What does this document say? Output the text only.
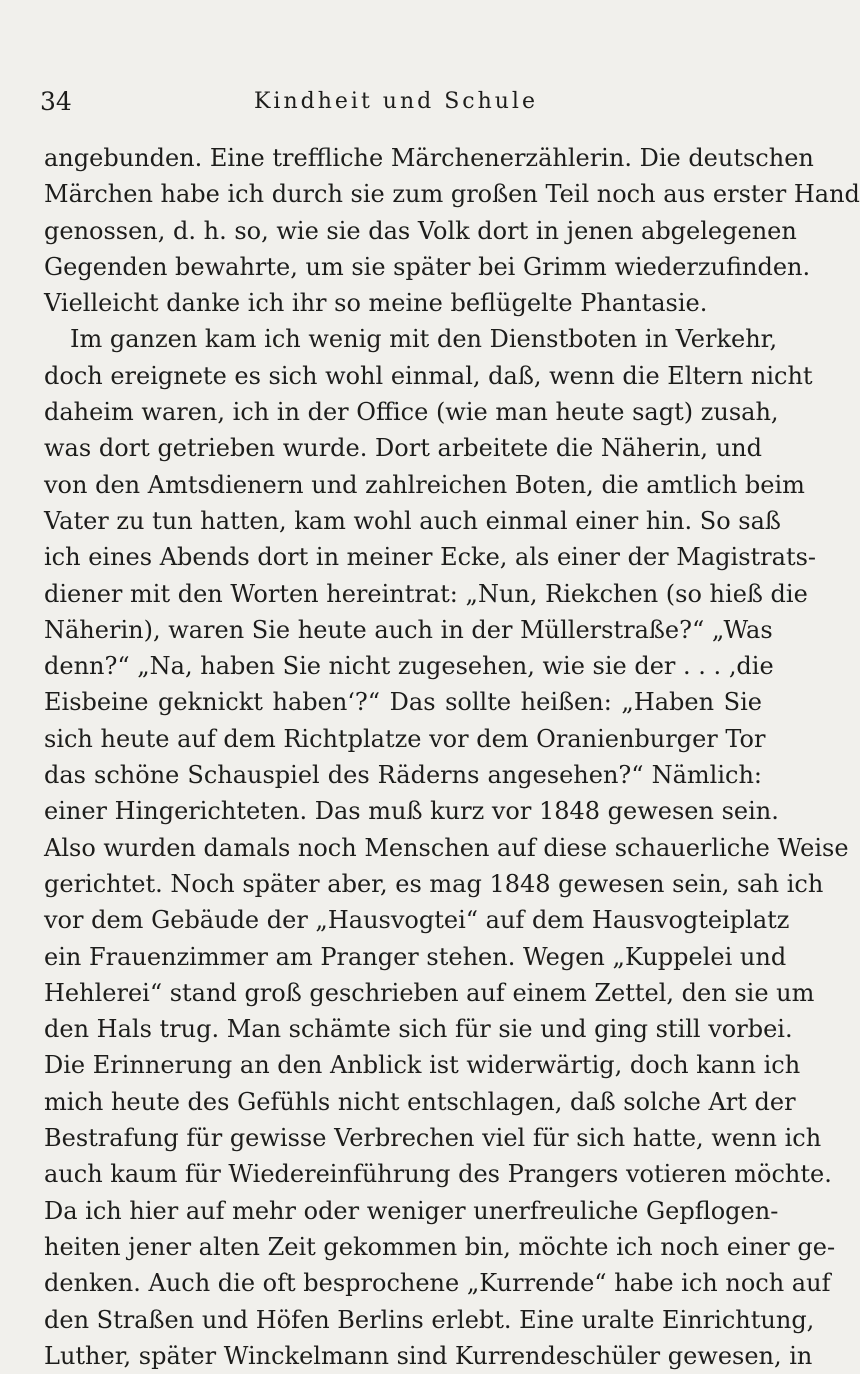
34	Kindheit und Schule
angebunden. Eine treffliche Märchenerzählerin. Die deutschen
Märchen habe ich durch sie zum großen Teil noch aus erster Hand
genossen, d. h. so, wie sie das Volk dort in jenen abgelegenen
Gegenden bewahrte, um sie später bei Grimm wiederzufinden.
Vielleicht danke ich ihr so meine beflügelte Phantasie.
Im ganzen kam ich wenig mit den Dienstboten in Verkehr,
doch ereignete es sich wohl einmal, daß, wenn die Eltern nicht
daheim waren, ich in der Office (wie man heute sagt) zusah,
was dort getrieben wurde. Dort arbeitete die Näherin, und
von den Amtsdienern und zahlreichen Boten, die amtlich beim
Vater zu tun hatten, kam wohl auch einmal einer hin. So saß
ich eines Abends dort in meiner Ecke, als einer der Magistrats-
diener mit den Worten hereintrat: „Nun, Riekchen (so hieß die
Näherin), waren Sie heute auch in der Müllerstraße?“ „Was
denn?“ „Na, haben Sie nicht zugesehen, wie sie der . . . ‚die
Eisbeine geknickt haben‘?“ Das sollte heißen: „Haben Sie
sich heute auf dem Richtplatze vor dem Oranienburger Tor
das schöne Schauspiel des Räderns angesehen?“ Nämlich:
einer Hingerichteten. Das muß kurz vor 1848 gewesen sein.
Also wurden damals noch Menschen auf diese schauerliche Weise
gerichtet. Noch später aber, es mag 1848 gewesen sein, sah ich
vor dem Gebäude der „Hausvogtei“ auf dem Hausvogteiplatz
ein Frauenzimmer am Pranger stehen. Wegen „Kuppelei und
Hehlerei“ stand groß geschrieben auf einem Zettel, den sie um
den Hals trug. Man schämte sich für sie und ging still vorbei.
Die Erinnerung an den Anblick ist widerwärtig, doch kann ich
mich heute des Gefühls nicht entschlagen, daß solche Art der
Bestrafung für gewisse Verbrechen viel für sich hatte, wenn ich
auch kaum für Wiedereinführung des Prangers votieren möchte.
Da ich hier auf mehr oder weniger unerfreuliche Gepflogen-
heiten jener alten Zeit gekommen bin, möchte ich noch einer ge-
denken. Auch die oft besprochene „Kurrende“ habe ich noch auf
den Straßen und Höfen Berlins erlebt. Eine uralte Einrichtung,
Luther, später Winckelmann sind Kurrendeschüler gewesen, in
